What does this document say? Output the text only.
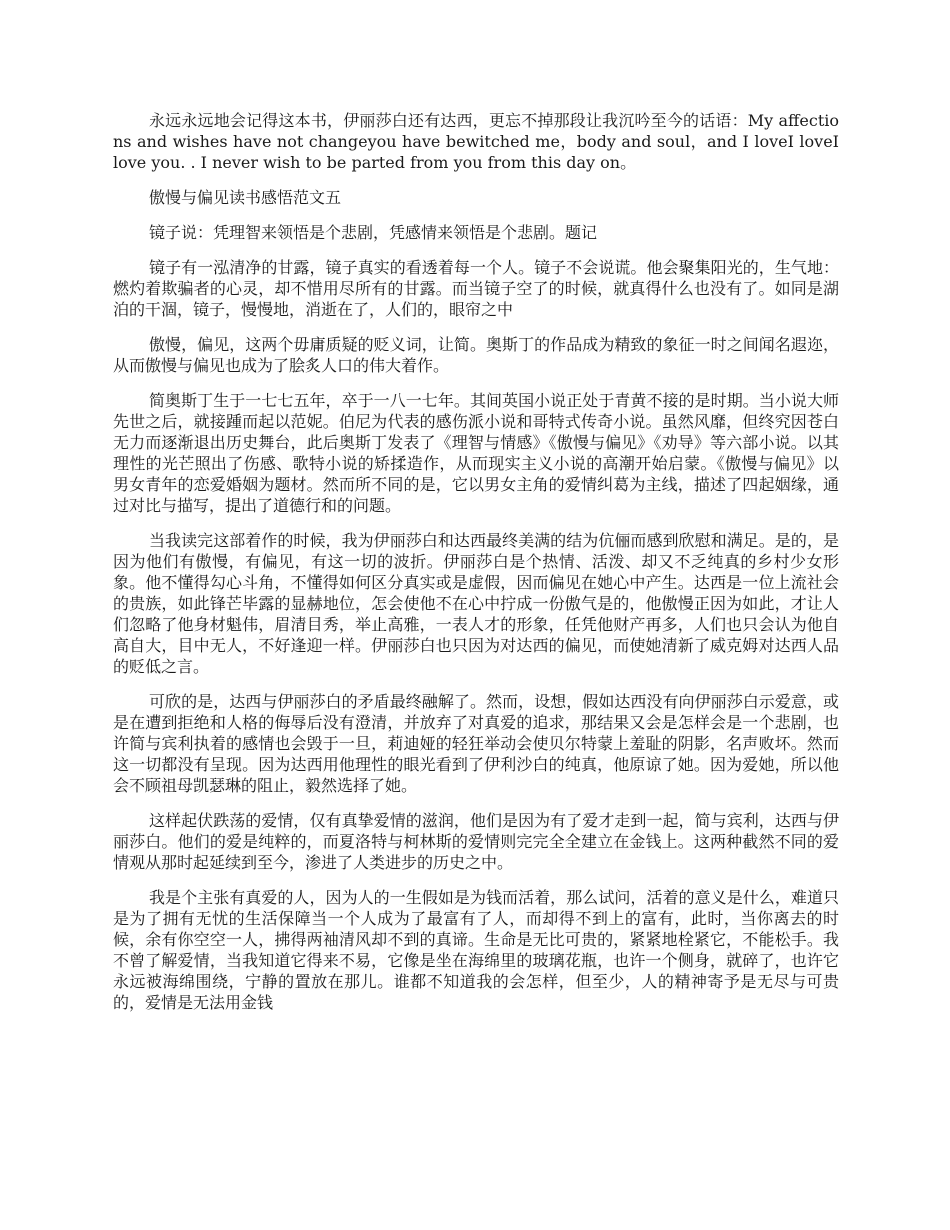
永远永远地会记得这本书，伊丽莎白还有达西，更忘不掉那段让我沉吟至今的话语：My affections and wishes have not changeyou have bewitched me，body and soul，and I loveI loveI love you. . I never wish to be parted from you from this day on。

傲慢与偏见读书感悟范文五

镜子说：凭理智来领悟是个悲剧，凭感情来领悟是个悲剧。题记

镜子有一泓清净的甘露，镜子真实的看透着每一个人。镜子不会说谎。他会聚集阳光的，生气地：燃灼着欺骗者的心灵，却不惜用尽所有的甘露。而当镜子空了的时候，就真得什么也没有了。如同是湖泊的干涸，镜子，慢慢地，消逝在了，人们的，眼帘之中

傲慢，偏见，这两个毋庸质疑的贬义词，让简。奥斯丁的作品成为精致的象征一时之间闻名遐迩，从而傲慢与偏见也成为了脍炙人口的伟大着作。

简奥斯丁生于一七七五年，卒于一八一七年。其间英国小说正处于青黄不接的是时期。当小说大师先世之后，就接踵而起以范妮。伯尼为代表的感伤派小说和哥特式传奇小说。虽然风靡，但终究因苍白无力而逐渐退出历史舞台，此后奥斯丁发表了《理智与情感》《傲慢与偏见》《劝导》等六部小说。以其理性的光芒照出了伤感、歌特小说的矫揉造作，从而现实主义小说的高潮开始启蒙。《傲慢与偏见》以男女青年的恋爱婚姻为题材。然而所不同的是，它以男女主角的爱情纠葛为主线，描述了四起姻缘，通过对比与描写，提出了道德行和的问题。

当我读完这部着作的时候，我为伊丽莎白和达西最终美满的结为伉俪而感到欣慰和满足。是的，是因为他们有傲慢，有偏见，有这一切的波折。伊丽莎白是个热情、活泼、却又不乏纯真的乡村少女形象。他不懂得勾心斗角，不懂得如何区分真实或是虚假，因而偏见在她心中产生。达西是一位上流社会的贵族，如此锋芒毕露的显赫地位，怎会使他不在心中拧成一份傲气是的，他傲慢正因为如此，才让人们忽略了他身材魁伟，眉清目秀，举止高雅，一表人才的形象，任凭他财产再多，人们也只会认为他自高自大，目中无人，不好逢迎一样。伊丽莎白也只因为对达西的偏见，而使她清新了威克姆对达西人品的贬低之言。

可欣的是，达西与伊丽莎白的矛盾最终融解了。然而，设想，假如达西没有向伊丽莎白示爱意，或是在遭到拒绝和人格的侮辱后没有澄清，并放弃了对真爱的追求，那结果又会是怎样会是一个悲剧，也许简与宾利执着的感情也会毁于一旦，莉迪娅的轻狂举动会使贝尔特蒙上羞耻的阴影，名声败坏。然而这一切都没有呈现。因为达西用他理性的眼光看到了伊利沙白的纯真，他原谅了她。因为爱她，所以他会不顾祖母凯瑟琳的阻止，毅然选择了她。

这样起伏跌荡的爱情，仅有真挚爱情的滋润，他们是因为有了爱才走到一起，简与宾利，达西与伊丽莎白。他们的爱是纯粹的，而夏洛特与柯林斯的爱情则完完全全建立在金钱上。这两种截然不同的爱情观从那时起延续到至今，渗进了人类进步的历史之中。

我是个主张有真爱的人，因为人的一生假如是为钱而活着，那么试问，活着的意义是什么，难道只是为了拥有无忧的生活保障当一个人成为了最富有了人，而却得不到上的富有，此时，当你离去的时候，余有你空空一人，拂得两袖清风却不到的真谛。生命是无比可贵的，紧紧地栓紧它，不能松手。我不曾了解爱情，当我知道它得来不易，它像是坐在海绵里的玻璃花瓶，也许一个侧身，就碎了，也许它永远被海绵围绕，宁静的置放在那儿。谁都不知道我的会怎样，但至少，人的精神寄予是无尽与可贵的，爱情是无法用金钱
